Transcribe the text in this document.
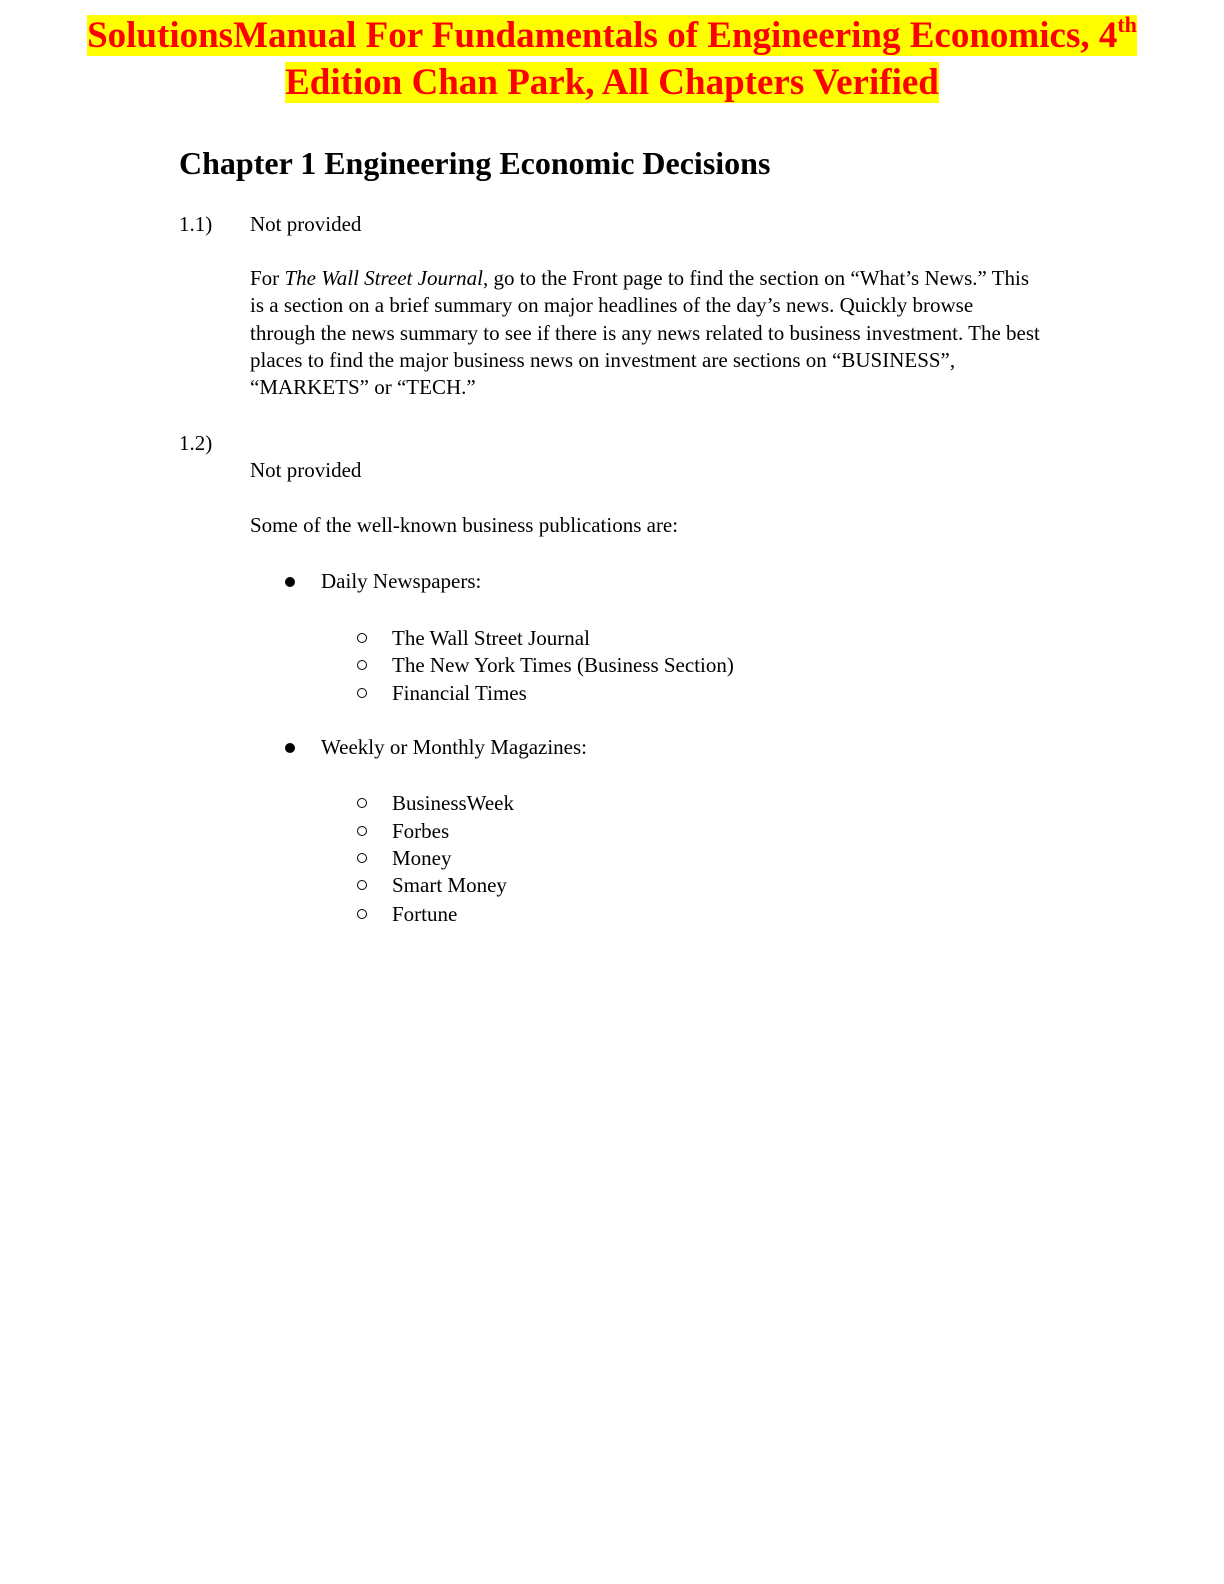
SolutionsManual For Fundamentals of Engineering Economics, 4th
Edition Chan Park, All Chapters Verified
Chapter 1 Engineering Economic Decisions
1.1) Not provided

For The Wall Street Journal, go to the Front page to find the section on “What’s News.” This is a section on a brief summary on major headlines of the day’s news. Quickly browse through the news summary to see if there is any news related to business investment. The best places to find the major business news on investment are sections on “BUSINESS”, “MARKETS” or “TECH.”

1.2)
Not provided
Some of the well-known business publications are:
Daily Newspapers:
The Wall Street Journal
The New York Times (Business Section)
Financial Times
Weekly or Monthly Magazines:
BusinessWeek
Forbes
Money
Smart Money
Fortune
